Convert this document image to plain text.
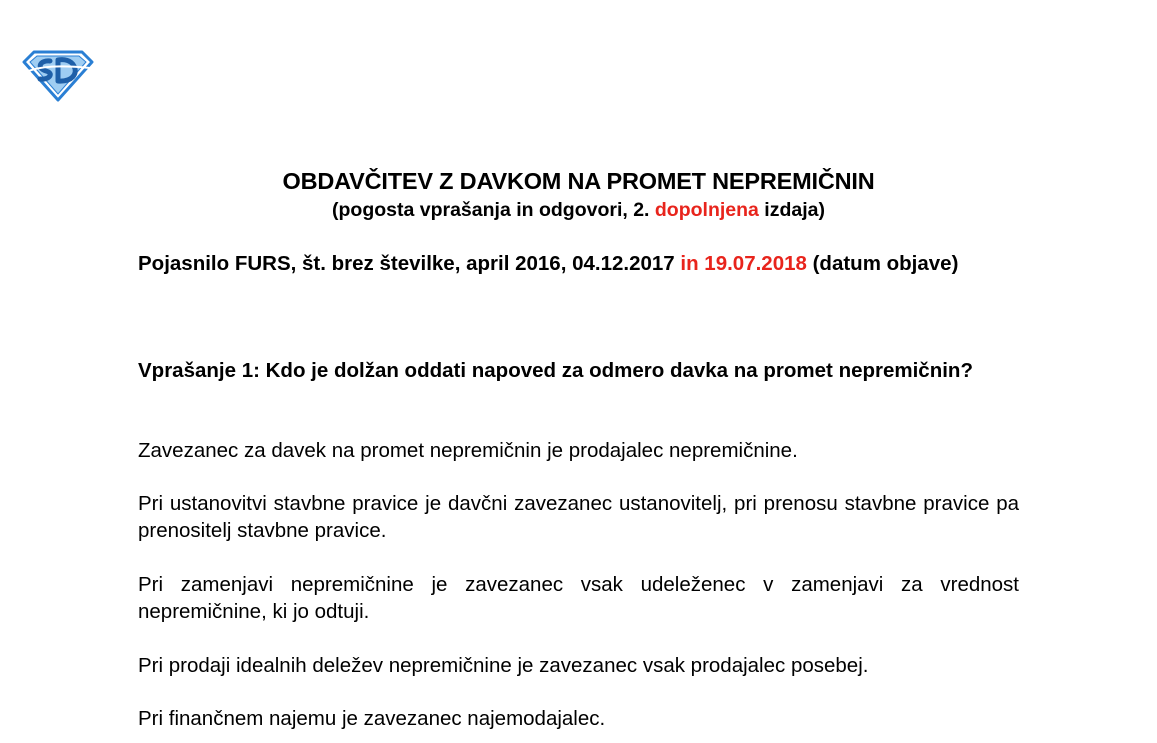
OBDAVČITEV Z DAVKOM NA PROMET NEPREMIČNIN
(pogosta vprašanja in odgovori, 2. dopolnjena izdaja)
Pojasnilo FURS, št. brez številke, april 2016, 04.12.2017 in 19.07.2018 (datum objave)
Vprašanje 1: Kdo je dolžan oddati napoved za odmero davka na promet nepremičnin?
Zavezanec za davek na promet nepremičnin je prodajalec nepremičnine.
Pri ustanovitvi stavbne pravice je davčni zavezanec ustanovitelj, pri prenosu stavbne pravice pa prenositelj stavbne pravice.
Pri zamenjavi nepremičnine je zavezanec vsak udeleženec v zamenjavi za vrednost nepremičnine, ki jo odtuji.
Pri prodaji idealnih deležev nepremičnine je zavezanec vsak prodajalec posebej.
Pri finančnem najemu je zavezanec najemodajalec.
